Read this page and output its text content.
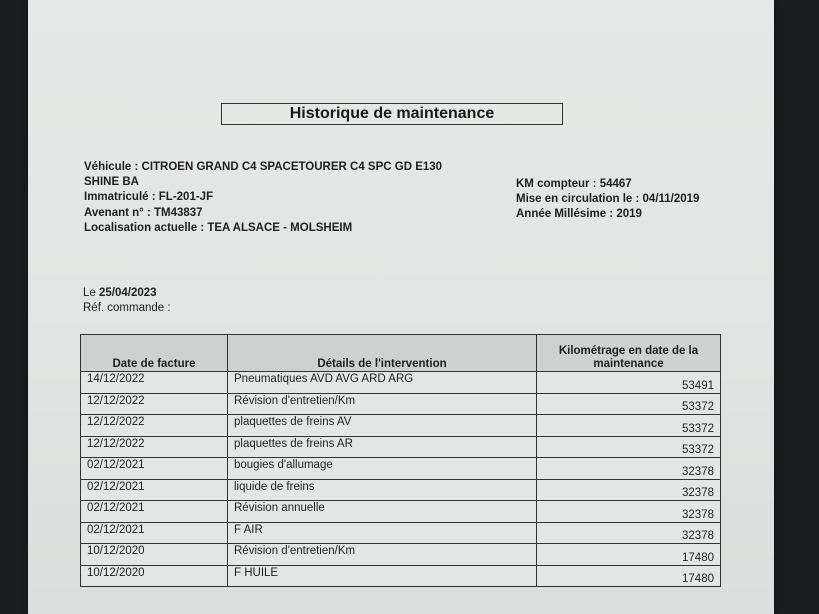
Historique de maintenance
Véhicule : CITROEN GRAND C4 SPACETOURER C4 SPC GD E130
SHINE BA
Immatriculé : FL-201-JF
Avenant n° : TM43837
Localisation actuelle : TEA ALSACE - MOLSHEIM
KM compteur : 54467
Mise en circulation le : 04/11/2019
Année Millésime : 2019
Le 25/04/2023
Réf. commande :
Date de facture	Détails de l'intervention	Kilométrage en date de la maintenance
14/12/2022	Pneumatiques AVD AVG ARD ARG	53491
12/12/2022	Révision d'entretien/Km	53372
12/12/2022	plaquettes de freins AV	53372
12/12/2022	plaquettes de freins AR	53372
02/12/2021	bougies d'allumage	32378
02/12/2021	liquide de freins	32378
02/12/2021	Révision annuelle	32378
02/12/2021	F AIR	32378
10/12/2020	Révision d'entretien/Km	17480
10/12/2020	F HUILE	17480
